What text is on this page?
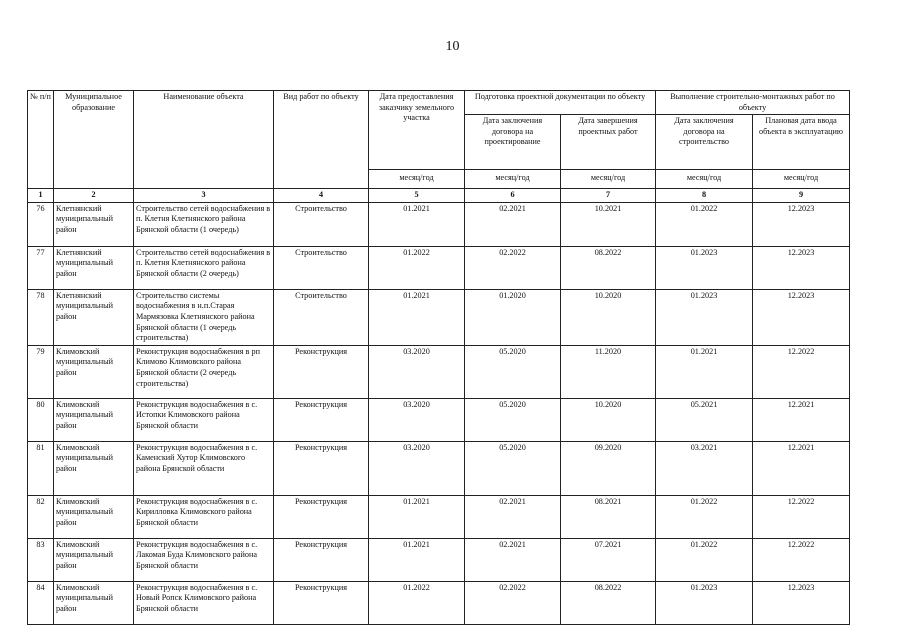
10
№ п/п	Муниципальное образование	Наименование объекта	Вид работ по объекту	Дата предоставления заказчику земельного участка	Подготовка проектной документации по объекту		Выполнение строительно-монтажных работ по объекту	
					Дата заключения договора на проектирование	Дата завершения проектных работ	Дата заключения договора на строительство	Плановая дата ввода объекта в эксплуатацию
				месяц/год	месяц/год	месяц/год	месяц/год	месяц/год
1	2	3	4	5	6	7	8	9
76	Клетнянский муниципальный район	Строительство сетей водоснабжения в п. Клетня Клетнянского района Брянской области (1 очередь)	Строительство	01.2021	02.2021	10.2021	01.2022	12.2023
77	Клетнянский муниципальный район	Строительство сетей водоснабжения в п. Клетня Клетнянского района Брянской области (2 очередь)	Строительство	01.2022	02.2022	08.2022	01.2023	12.2023
78	Клетнянский муниципальный район	Строительство системы водоснабжения в н.п.Старая Мармязовка Клетнянского района Брянской области (1 очередь строительства)	Строительство	01.2021	01.2020	10.2020	01.2023	12.2023
79	Климовский муниципальный район	Реконструкция водоснабжения в рп Климово Климовского района Брянской области (2 очередь строительства)	Реконструкция	03.2020	05.2020	11.2020	01.2021	12.2022
80	Климовский муниципальный район	Реконструкция водоснабжения в с. Истопки Климовского района Брянской области	Реконструкция	03.2020	05.2020	10.2020	05.2021	12.2021
81	Климовский муниципальный район	Реконструкция водоснабжения в с. Каменский Хутор Климовского района Брянской области	Реконструкция	03.2020	05.2020	09.2020	03.2021	12.2021
82	Климовский муниципальный район	Реконструкция водоснабжения в с. Кирилловка Климовского района Брянской области	Реконструкция	01.2021	02.2021	08.2021	01.2022	12.2022
83	Климовский муниципальный район	Реконструкция водоснабжения в с. Лакомая Буда Климовского района Брянской области	Реконструкция	01.2021	02.2021	07.2021	01.2022	12.2022
84	Климовский муниципальный район	Реконструкция водоснабжения в с. Новый Ропск Климовского района Брянской области	Реконструкция	01.2022	02.2022	08.2022	01.2023	12.2023
